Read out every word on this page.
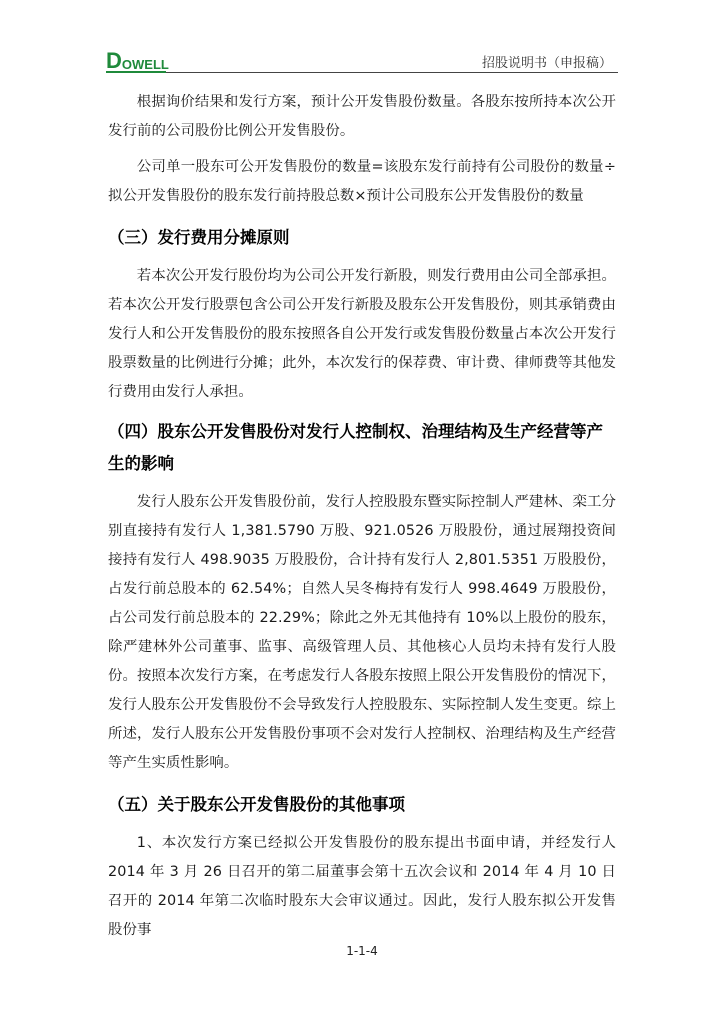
D OWELL	招股说明书（申报稿）

根据询价结果和发行方案，预计公开发售股份数量。各股东按所持本次公开发行前的公司股份比例公开发售股份。

公司单一股东可公开发售股份的数量=该股东发行前持有公司股份的数量÷拟公开发售股份的股东发行前持股总数×预计公司股东公开发售股份的数量

（三）发行费用分摊原则

若本次公开发行股份均为公司公开发行新股，则发行费用由公司全部承担。若本次公开发行股票包含公司公开发行新股及股东公开发售股份，则其承销费由发行人和公开发售股份的股东按照各自公开发行或发售股份数量占本次公开发行股票数量的比例进行分摊；此外，本次发行的保荐费、审计费、律师费等其他发行费用由发行人承担。

（四）股东公开发售股份对发行人控制权、治理结构及生产经营等产生的影响

发行人股东公开发售股份前，发行人控股股东暨实际控制人严建林、栾工分别直接持有发行人 1,381.5790 万股、921.0526 万股股份，通过展翔投资间接持有发行人 498.9035 万股股份，合计持有发行人 2,801.5351 万股股份，占发行前总股本的 62.54%；自然人吴冬梅持有发行人 998.4649 万股股份，占公司发行前总股本的 22.29%；除此之外无其他持有 10%以上股份的股东，除严建林外公司董事、监事、高级管理人员、其他核心人员均未持有发行人股份。按照本次发行方案，在考虑发行人各股东按照上限公开发售股份的情况下，发行人股东公开发售股份不会导致发行人控股股东、实际控制人发生变更。综上所述，发行人股东公开发售股份事项不会对发行人控制权、治理结构及生产经营等产生实质性影响。

（五）关于股东公开发售股份的其他事项

1、本次发行方案已经拟公开发售股份的股东提出书面申请，并经发行人 2014 年 3 月 26 日召开的第二届董事会第十五次会议和 2014 年 4 月 10 日召开的 2014 年第二次临时股东大会审议通过。因此，发行人股东拟公开发售股份事

1-1-4
